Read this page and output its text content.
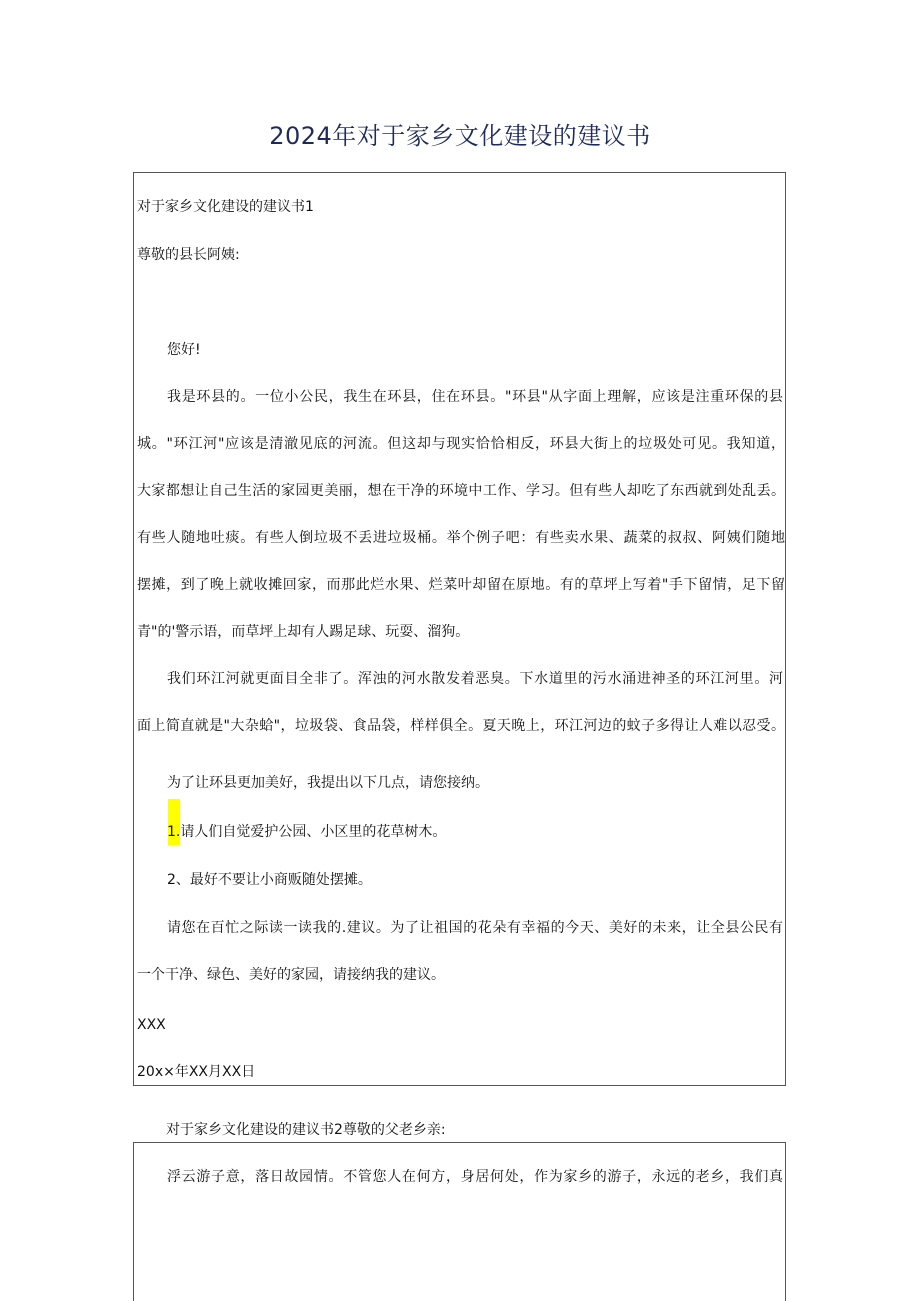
2024年对于家乡文化建设的建议书
对于家乡文化建设的建议书1
尊敬的县长阿姨:
您好!
我是环县的。一位小公民，我生在环县，住在环县。"环县"从字面上理解，应该是注重环保的县
城。"环江河"应该是清澈见底的河流。但这却与现实恰恰相反，环县大街上的垃圾处可见。我知道，
大家都想让自己生活的家园更美丽，想在干净的环境中工作、学习。但有些人却吃了东西就到处乱丢。
有些人随地吐痰。有些人倒垃圾不丢进垃圾桶。举个例子吧：有些卖水果、蔬菜的叔叔、阿姨们随地
摆摊，到了晚上就收摊回家，而那此烂水果、烂菜叶却留在原地。有的草坪上写着"手下留情，足下留
青"的'警示语，而草坪上却有人踢足球、玩耍、溜狗。
我们环江河就更面目全非了。浑浊的河水散发着恶臭。下水道里的污水涌进神圣的环江河里。河
面上简直就是"大杂蛤"，垃圾袋、食品袋，样样俱全。夏天晚上，环江河边的蚊子多得让人难以忍受。
为了让环县更加美好，我提出以下几点，请您接纳。
1.请人们自觉爱护公园、小区里的花草树木。
2、最好不要让小商贩随处摆摊。
请您在百忙之际读一读我的.建议。为了让祖国的花朵有幸福的今天、美好的未来，让全县公民有
一个干净、绿色、美好的家园，请接纳我的建议。
XXX
20x×年XX月XX日
对于家乡文化建设的建议书2尊敬的父老乡亲:
浮云游子意，落日故园情。不管您人在何方，身居何处，作为家乡的游子，永远的老乡，我们真
